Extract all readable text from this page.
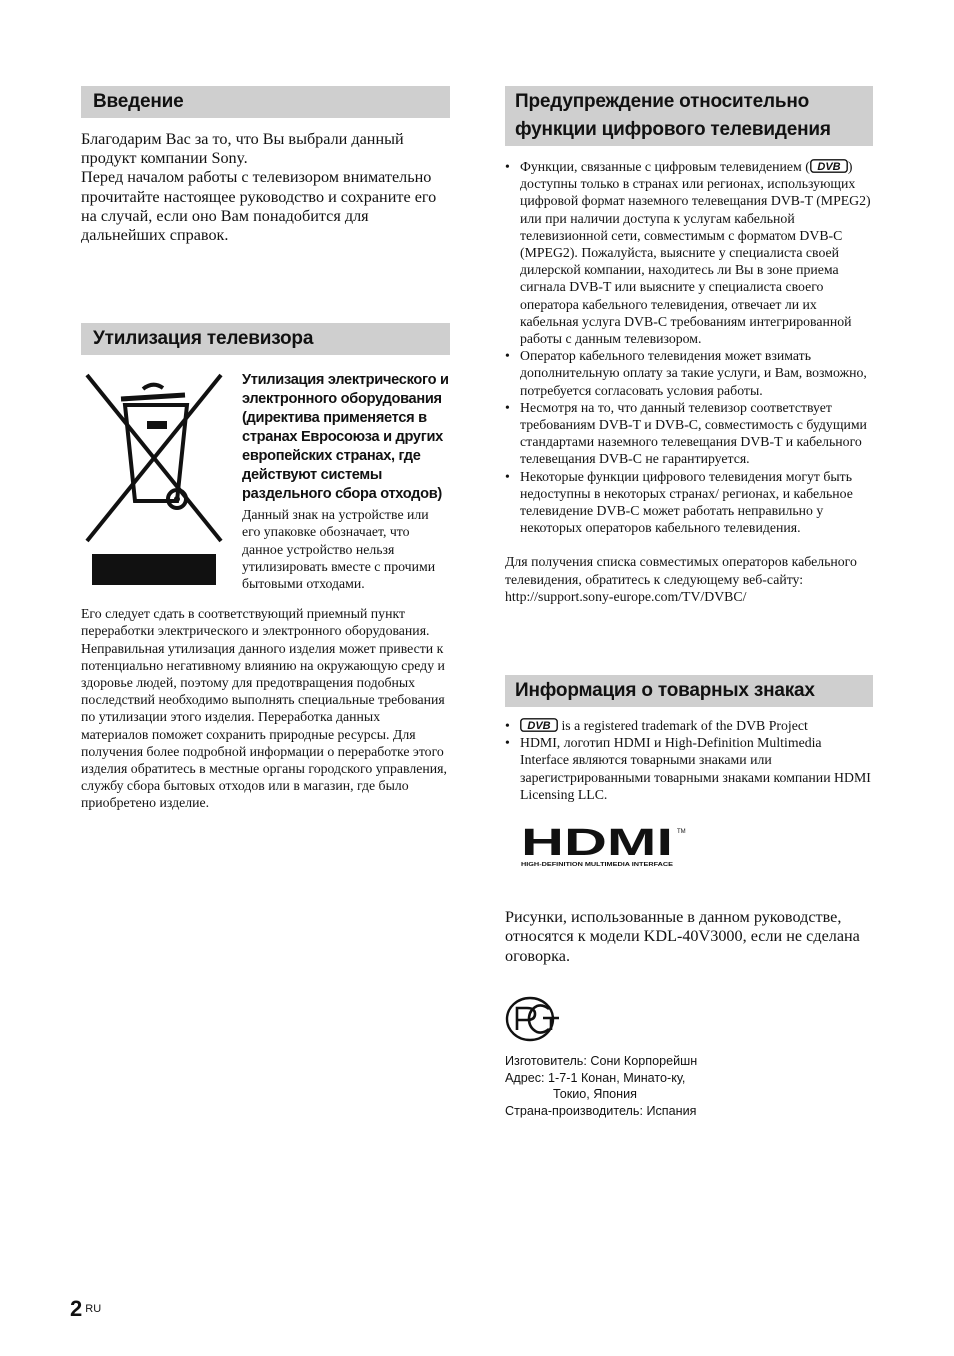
Введение

Благодарим Вас за то, что Вы выбрали данный продукт компании Sony.

Перед началом работы с телевизором внимательно прочитайте настоящее руководство и сохраните его на случай, если оно Вам понадобится для дальнейших справок.

Утилизация телевизора
Утилизация электрического и электронного оборудования (директива применяется в странах Евросоюза и других европейских странах, где действуют системы раздельного сбора отходов)
Данный знак на устройстве или его упаковке обозначает, что данное устройство нельзя утилизировать вместе с прочими бытовыми отходами.
Его следует сдать в соответствующий приемный пункт переработки электрического и электронного оборудования. Неправильная утилизация данного изделия может привести к потенциально негативному влиянию на окружающую среду и здоровье людей, поэтому для предотвращения подобных последствий необходимо выполнять специальные требования по утилизации этого изделия. Переработка данных материалов поможет сохранить природные ресурсы. Для получения более подробной информации о переработке этого изделия обратитесь в местные органы городского управления, службу сбора бытовых отходов или в магазин, где было приобретено изделие.
Предупреждение относительно
функции цифрового телевидения
• Функции, связанные с цифровым телевидением ( DVB ) доступны только в странах или регионах, использующих цифровой формат наземного телевещания DVB-T (MPEG2) или при наличии доступа к услугам кабельной телевизионной сети, совместимым с форматом DVB-C (MPEG2). Пожалуйста, выясните у специалиста своей дилерской компании, находитесь ли Вы в зоне приема сигнала DVB-T или выясните у специалиста своего оператора кабельного телевидения, отвечает ли их кабельная услуга DVB-C требованиям интегрированной работы с данным телевизором.
• Оператор кабельного телевидения может взимать дополнительную оплату за такие услуги, и Вам, возможно, потребуется согласовать условия работы.
• Несмотря на то, что данный телевизор соответствует требованиям DVB-T и DVB-C, совместимость с будущими стандартами наземного телевещания DVB-T и кабельного телевещания DVB-C не гарантируется.
• Некоторые функции цифрового телевидения могут быть недоступны в некоторых странах/ регионах, и кабельное телевидение DVB-C может работать неправильно у некоторых операторов кабельного телевидения.

Для получения списка совместимых операторов кабельного телевидения, обратитесь к следующему веб-сайту:

http://support.sony-europe.com/TV/DVBC/

Информация о товарных знаках
• DVB is a registered trademark of the DVB Project
• HDMI, логотип HDMI и High-Definition Multimedia Interface являются товарными знаками или зарегистрированными товарными знаками компании HDMI Licensing LLC.
HDMI TM
HIGH-DEFINITION MULTIMEDIA INTERFACE

Рисунки, использованные в данном руководстве, относятся к модели KDL-40V3000, если не сделана оговорка.

Изготовитель: Сони Корпорейшн
Адрес: 1-7-1 Конан, Минато-ку,
Токио, Япония
Страна-производитель: Испания
2 $^{RU}$
